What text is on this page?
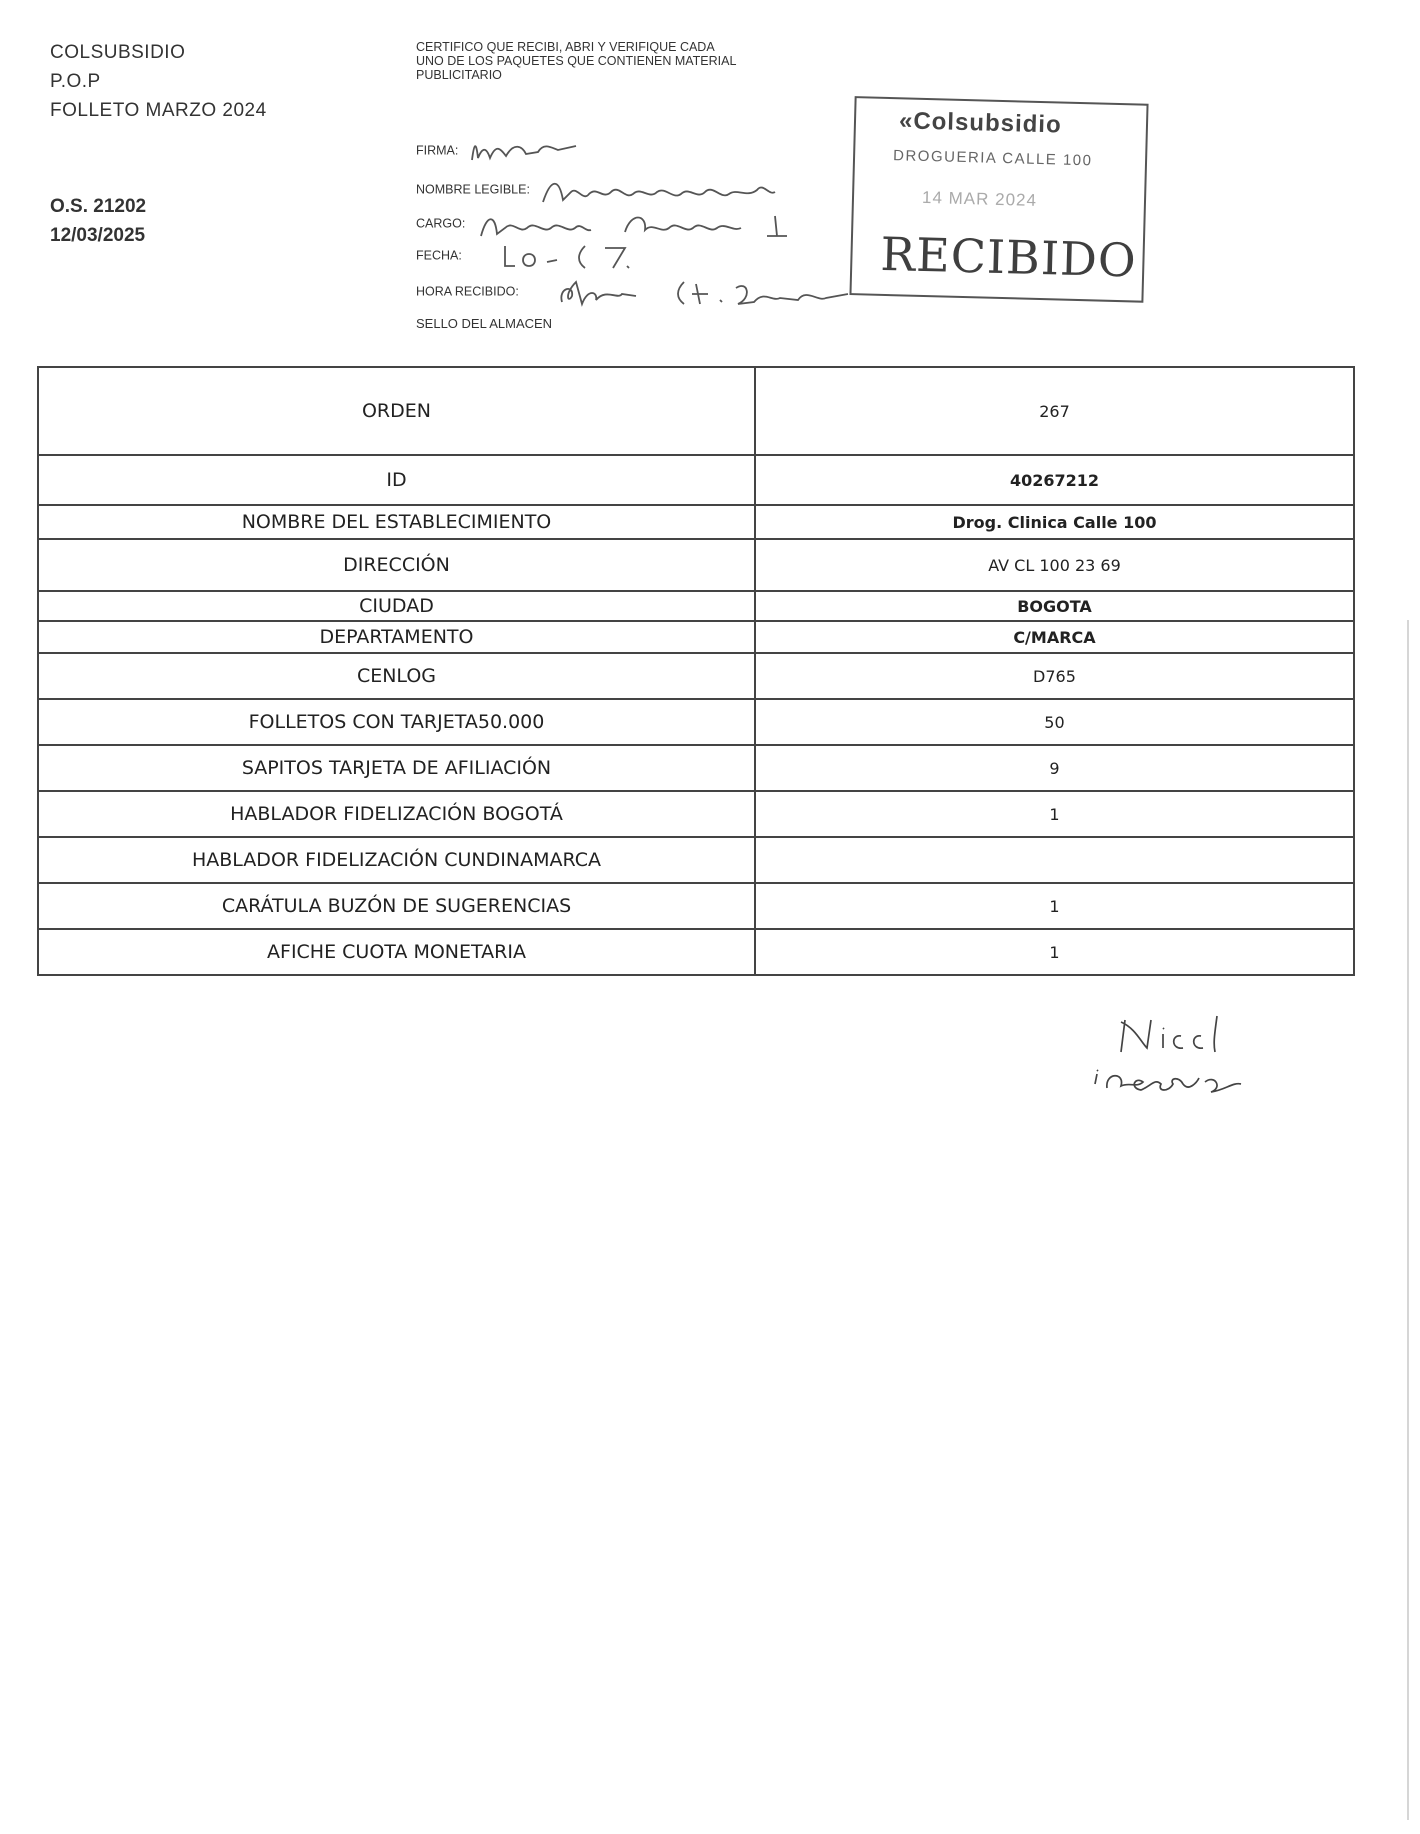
COLSUBSIDIO
P.O.P
FOLLETO MARZO 2024
O.S. 21202
12/03/2025
CERTIFICO QUE RECIBI, ABRI Y VERIFIQUE CADA UNO DE LOS PAQUETES QUE CONTIENEN MATERIAL PUBLICITARIO
FIRMA:
NOMBRE LEGIBLE:
CARGO:
FECHA:
HORA RECIBIDO:
SELLO DEL ALMACEN
«Colsubsidio
DROGUERIA CALLE 100
14 MAR 2024
RECIBIDO
ORDEN	267
ID	40267212
NOMBRE DEL ESTABLECIMIENTO	Drog. Clinica Calle 100
DIRECCIÓN	AV CL 100 23 69
CIUDAD	BOGOTA
DEPARTAMENTO	C/MARCA
CENLOG	D765
FOLLETOS CON TARJETA50.000	50
SAPITOS TARJETA DE AFILIACIÓN	9
HABLADOR FIDELIZACIÓN BOGOTÁ	1
HABLADOR FIDELIZACIÓN CUNDINAMARCA	
CARÁTULA BUZÓN DE SUGERENCIAS	1
AFICHE CUOTA MONETARIA	1
